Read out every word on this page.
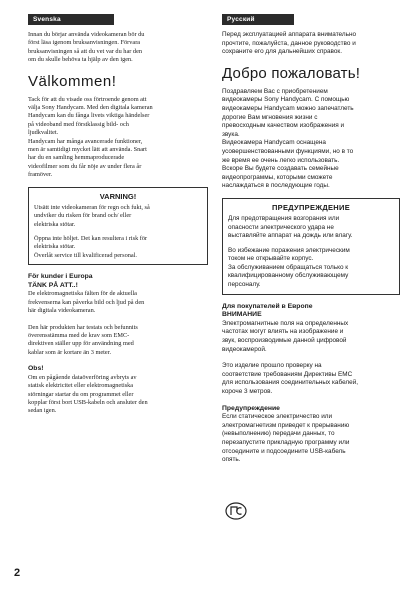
Svenska

Innan du börjar använda videokameran bör du
först läsa igenom bruksanvisningen. Förvara
bruksanvisningen så att du vet var du har den
om du skulle behöva ta hjälp av den igen.

Välkommen!

Tack för att du visade oss förtroende genom att
välja Sony Handycam. Med den digitala kameran
Handycam kan du fånga livets viktiga händelser
på videoband med förstklassig bild- och
ljudkvalitet.
Handycam har många avancerade funktioner,
men är samtidigt mycket lätt att använda. Snart
har du en samling hemmaproducerade
videofilmer som du får nöje av under flera år
framöver.

VARNING!

Utsätt inte videokameran för regn och fukt, så
undviker du risken för brand och/ eller
elektriska stötar.

Öppna inte höljet. Det kan resultera i risk för
elektriska stötar.
Överlåt service till kvalificerad personal.

För kunder i Europa
TÄNK PÅ ATT..!

De elektromagnetiska fälten för de aktuella
frekvenserna kan påverka bild och ljud på den
här digitala videokameran.

Den här produkten har testats och befunnits
överensstämma med de krav som EMC-
direktiven ställer upp för användning med
kablar som är kortare än 3 meter.

Obs!

Om en pågående dataöverföring avbryts av
statisk elektricitet eller elektromagnetiska
störningar startar du om programmet eller
kopplar först bort USB-kabeln och ansluter den
sedan igen.

Русский

Перед эксплуатацией аппарата внимательно
прочтите, пожалуйста, данное руководство и
сохраните его для дальнейших справок.

Добро пожаловать!

Поздравляем Вас с приобретением
видеокамеры Sony Handycam. С помощью
видеокамеры Handycam можно запечатлеть
дорогие Вам мгновения жизни с
превосходным качеством изображения и
звука.
Видеокамера Handycam оснащена
усовершенствованными функциями, но в то
же время ее очень легко использовать.
Вскоре Вы будете создавать семейные
видеопрограммы, которыми сможете
наслаждаться в последующие годы.

ПРЕДУПРЕЖДЕНИЕ

Для предотвращения возгорания или
опасности электрического удара не
выставляйте аппарат на дождь или влагу.

Во избежание поражения электрическим
током не открывайте корпус.
За обслуживанием обращаться только к
квалифицированному обслуживающему
персоналу.

Для покупателей в Европе
ВНИМАНИЕ

Электромагнитные поля на определенных
частотах могут влиять на изображение и
звук, воспроизводимые данной цифровой
видеокамерой.

Это изделие прошло проверку на
соответствие требованиям Директивы EMC
для использования соединительных кабелей,
короче 3 метров.

Предупреждение

Если статическое электричество или
электромагнетизм приведет к прерыванию
(невыполнению) передачи данных, то
перезапустите прикладную программу или
отсоедините и подсоедините USB-кабель
опять.

2
